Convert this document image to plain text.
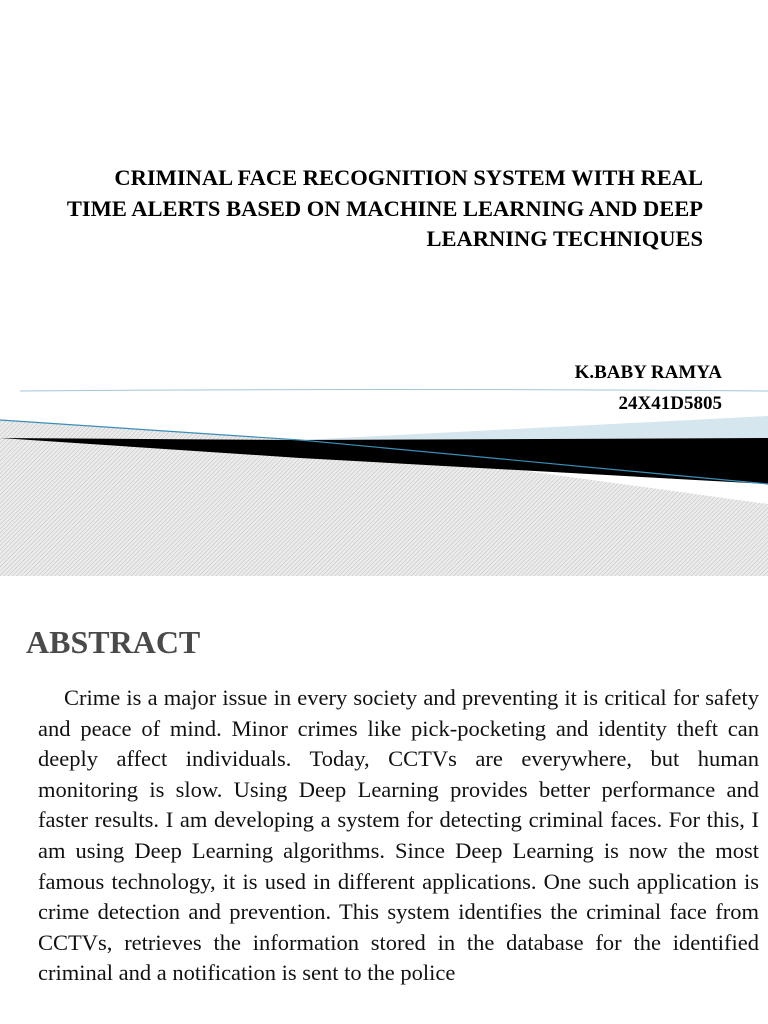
CRIMINAL FACE RECOGNITION SYSTEM WITH REAL TIME ALERTS BASED ON MACHINE LEARNING AND DEEP LEARNING TECHNIQUES

K.BABY RAMYA

24X41D5805

ABSTRACT

Crime is a major issue in every society and preventing it is critical for safety and peace of mind. Minor crimes like pick-pocketing and identity theft can deeply affect individuals. Today, CCTVs are everywhere, but human monitoring is slow. Using Deep Learning provides better performance and faster results. I am developing a system for detecting criminal faces. For this, I am using Deep Learning algorithms. Since Deep Learning is now the most famous technology, it is used in different applications. One such application is crime detection and prevention. This system identifies the criminal face from CCTVs, retrieves the information stored in the database for the identified criminal and a notification is sent to the police
